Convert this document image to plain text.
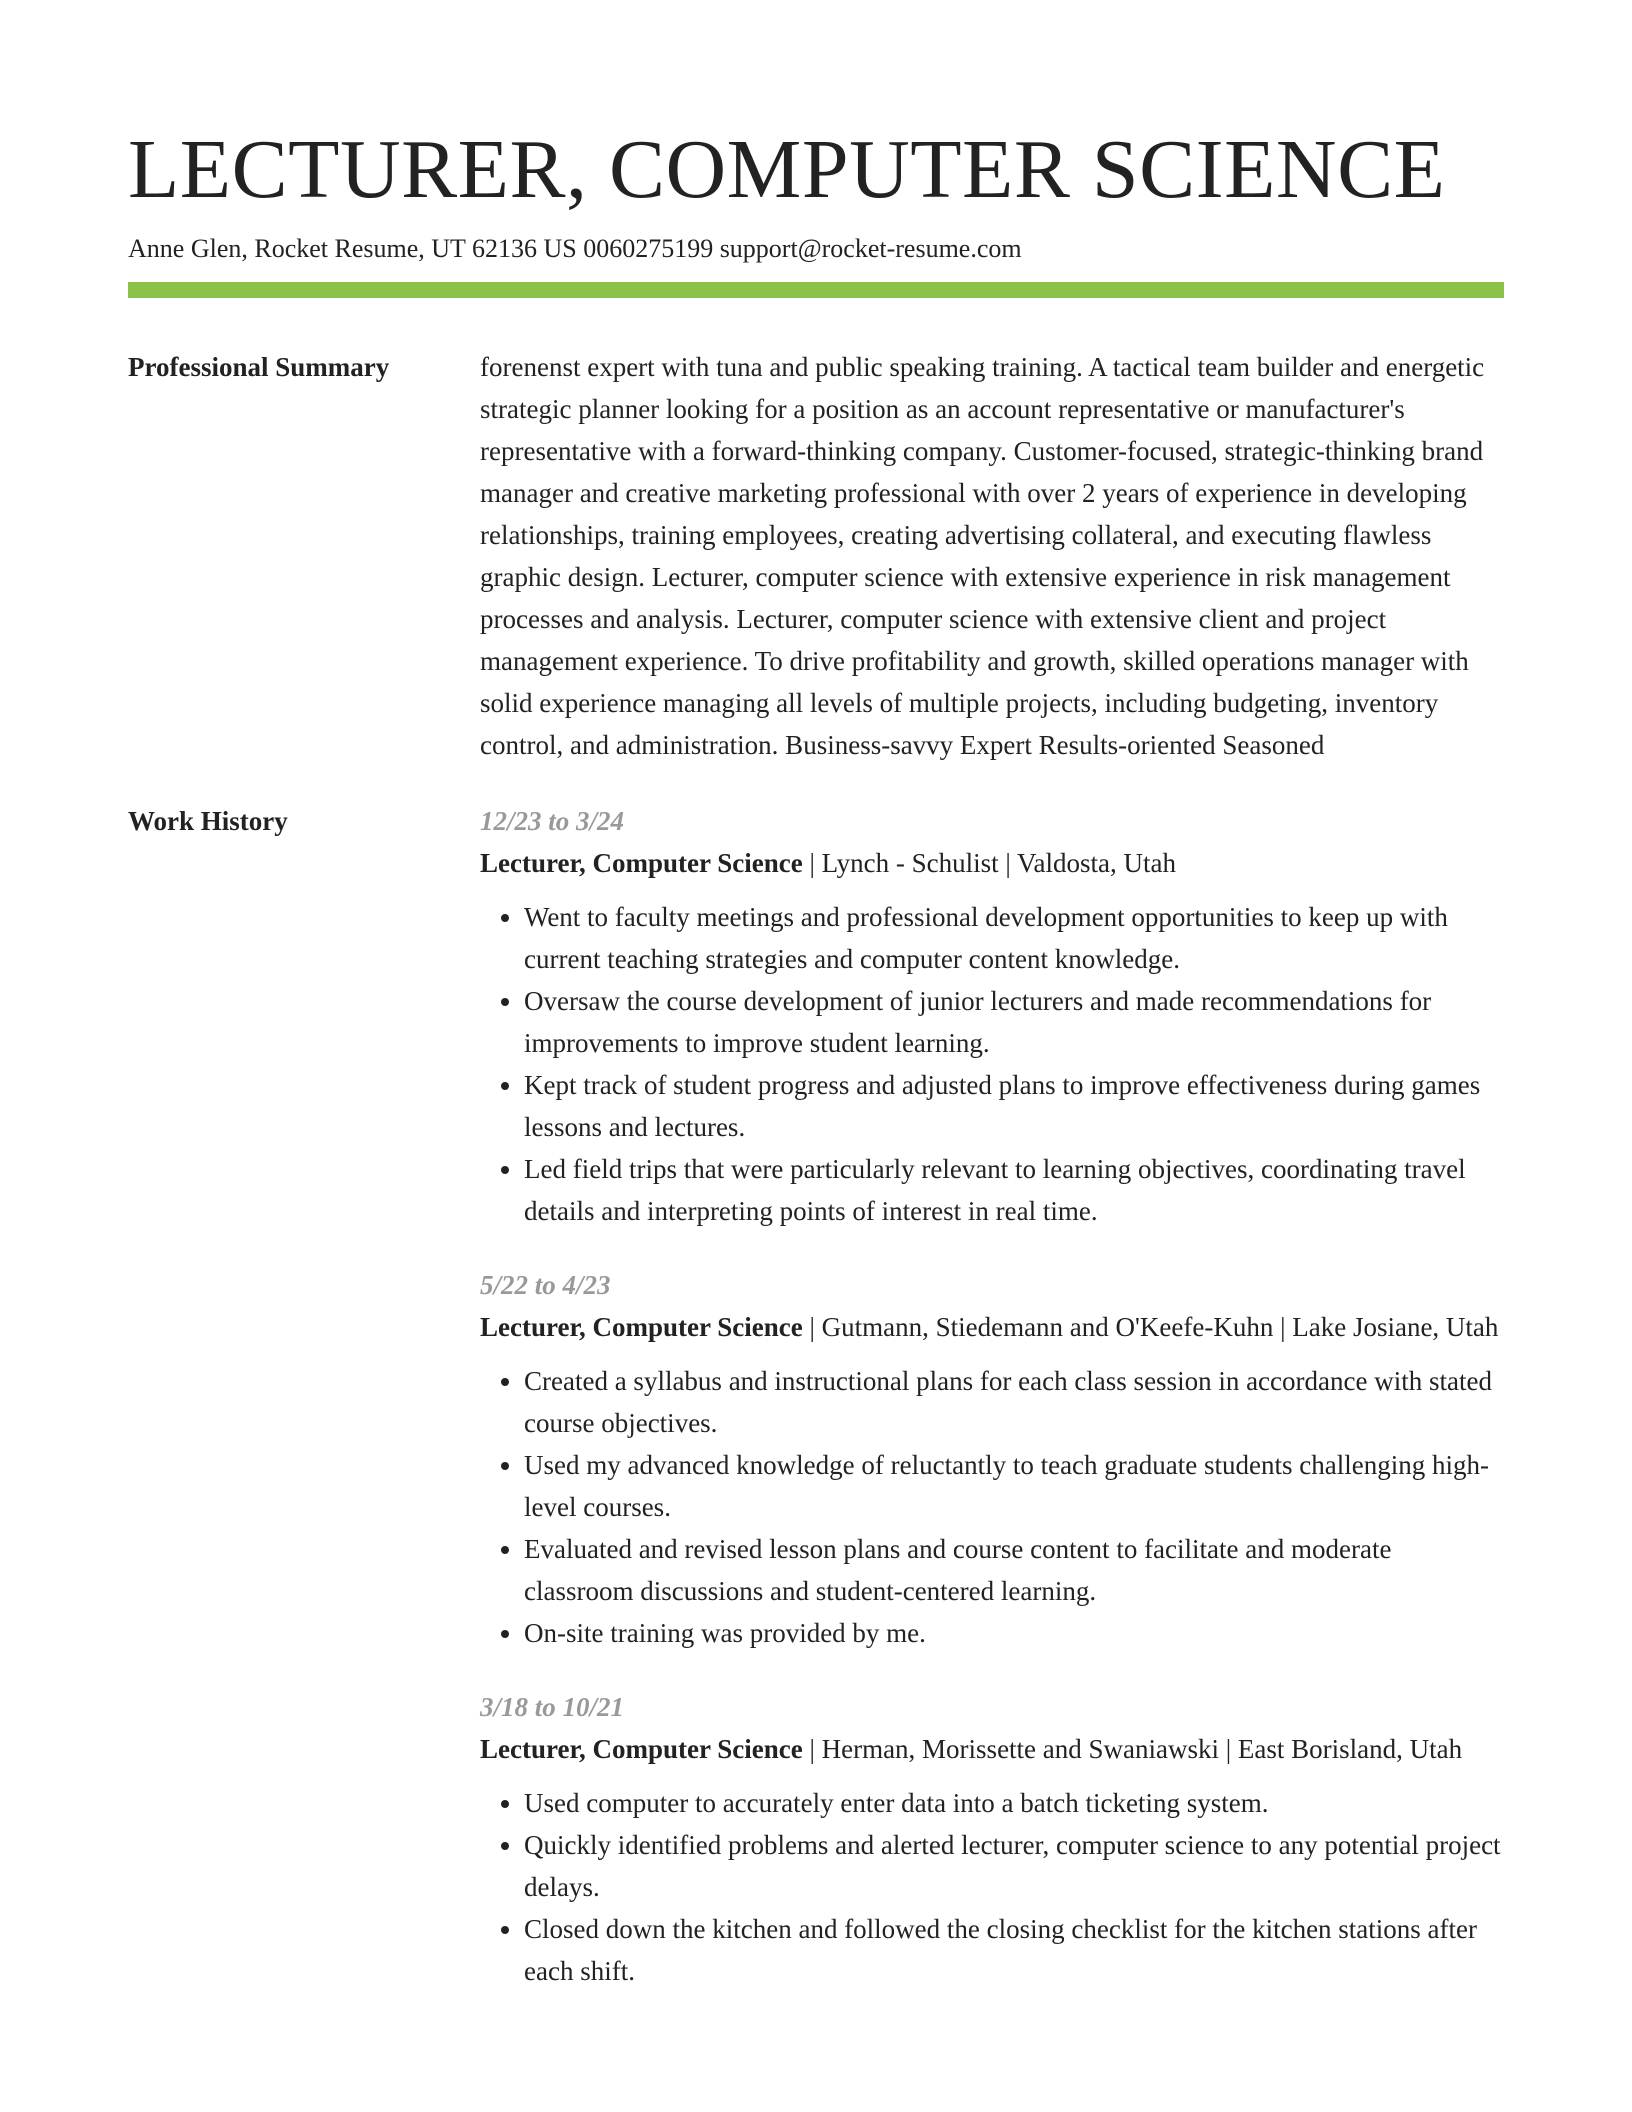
LECTURER, COMPUTER SCIENCE
Anne Glen, Rocket Resume, UT 62136 US 0060275199 support@rocket-resume.com
Professional Summary	forenenst expert with tuna and public speaking training. A tactical team builder and energetic strategic planner looking for a position as an account representative or manufacturer's representative with a forward-thinking company. Customer-focused, strategic-thinking brand manager and creative marketing professional with over 2 years of experience in developing relationships, training employees, creating advertising collateral, and executing flawless graphic design. Lecturer, computer science with extensive experience in risk management processes and analysis. Lecturer, computer science with extensive client and project management experience. To drive profitability and growth, skilled operations manager with solid experience managing all levels of multiple projects, including budgeting, inventory control, and administration. Business-savvy Expert Results-oriented Seasoned

Work History	12/23 to 3/24
Lecturer, Computer Science | Lynch - Schulist | Valdosta, Utah
• Went to faculty meetings and professional development opportunities to keep up with current teaching strategies and computer content knowledge.
• Oversaw the course development of junior lecturers and made recommendations for improvements to improve student learning.
• Kept track of student progress and adjusted plans to improve effectiveness during games lessons and lectures.
• Led field trips that were particularly relevant to learning objectives, coordinating travel details and interpreting points of interest in real time.
5/22 to 4/23
Lecturer, Computer Science | Gutmann, Stiedemann and O'Keefe-Kuhn | Lake Josiane, Utah
• Created a syllabus and instructional plans for each class session in accordance with stated course objectives.
• Used my advanced knowledge of reluctantly to teach graduate students challenging high-level courses.
• Evaluated and revised lesson plans and course content to facilitate and moderate classroom discussions and student-centered learning.
• On-site training was provided by me.
3/18 to 10/21
Lecturer, Computer Science | Herman, Morissette and Swaniawski | East Borisland, Utah
• Used computer to accurately enter data into a batch ticketing system.
• Quickly identified problems and alerted lecturer, computer science to any potential project delays.
• Closed down the kitchen and followed the closing checklist for the kitchen stations after each shift.
